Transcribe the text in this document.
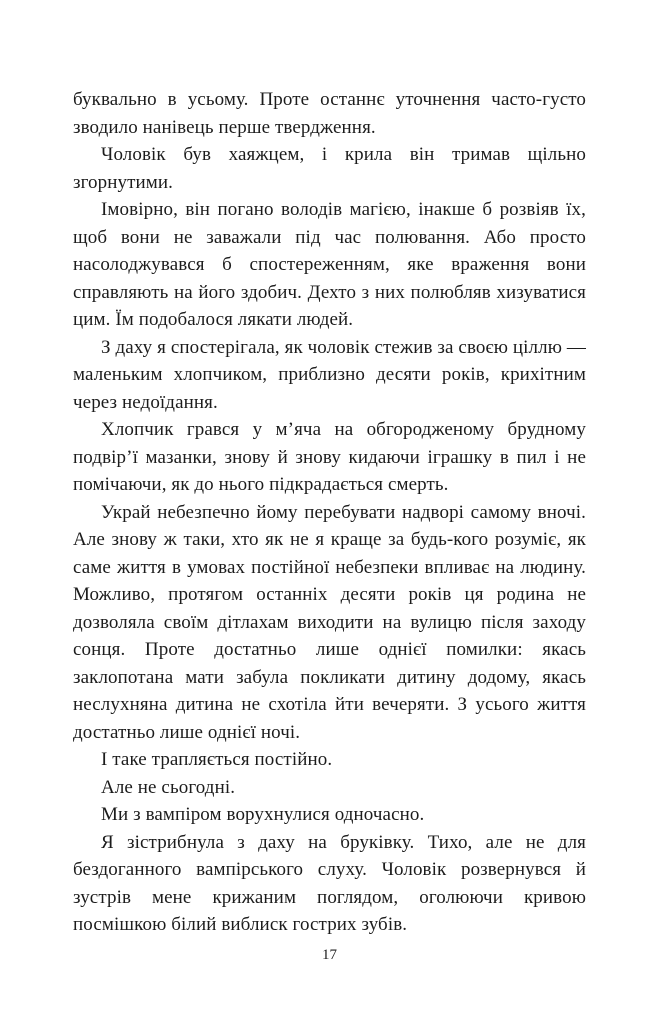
буквально в усьому. Проте останнє уточнення часто-густо зводило нанівець перше твердження.

Чоловік був хаяжцем, і крила він тримав щільно згорнутими.

Імовірно, він погано володів магією, інакше б розвіяв їх, щоб вони не заважали під час полювання. Або просто насолоджувався б спостереженням, яке враження вони справляють на його здобич. Дехто з них полюбляв хизуватися цим. Їм подобалося лякати людей.

З даху я спостерігала, як чоловік стежив за своєю ціллю — маленьким хлопчиком, приблизно десяти років, крихітним через недоїдання.

Хлопчик грався у м’яча на обгородженому брудному подвір’ї мазанки, знову й знову кидаючи іграшку в пил і не помічаючи, як до нього підкрадається смерть.

Украй небезпечно йому перебувати надворі самому вночі. Але знову ж таки, хто як не я краще за будь-кого розуміє, як саме життя в умовах постійної небезпеки впливає на людину. Можливо, протягом останніх десяти років ця родина не дозволяла своїм дітлахам виходити на вулицю після заходу сонця. Проте достатньо лише однієї помилки: якась заклопотана мати забула покликати дитину додому, якась неслухняна дитина не схотіла йти вечеряти. З усього життя достатньо лише однієї ночі.

І таке трапляється постійно.

Але не сьогодні.

Ми з вампіром ворухнулися одночасно.

Я зістрибнула з даху на бруківку. Тихо, але не для бездоганного вампірського слуху. Чоловік розвернувся й зустрів мене крижаним поглядом, оголюючи кривою посмішкою білий виблиск гострих зубів.

17
